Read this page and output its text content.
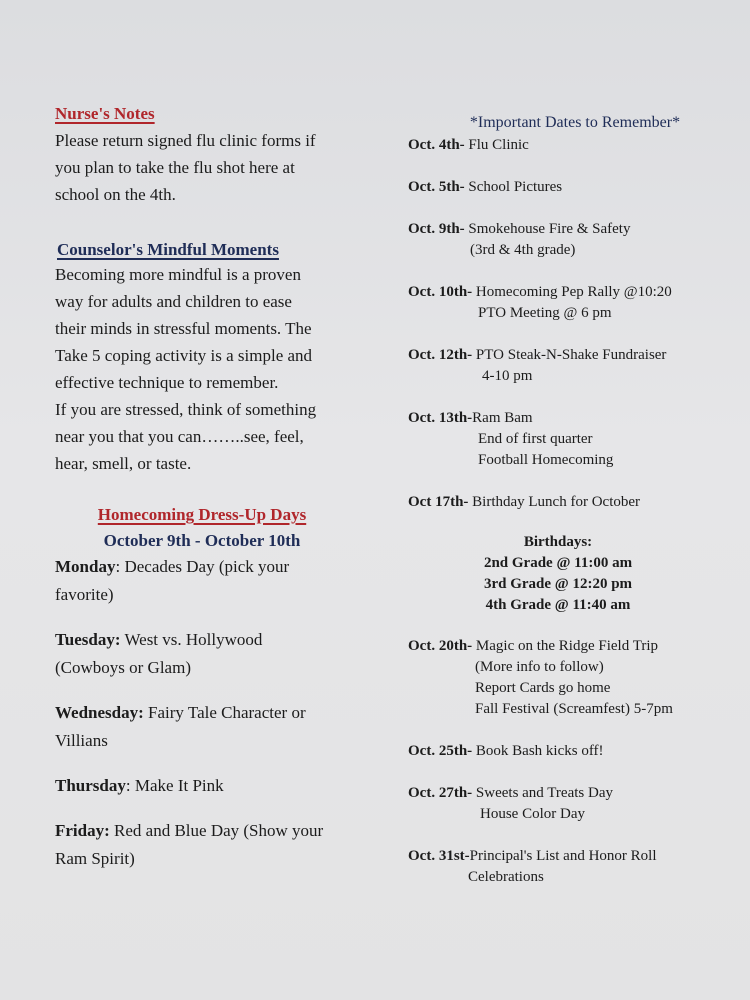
Nurse's Notes

Please return signed flu clinic forms if

you plan to take the flu shot here at

school on the 4th.

Counselor's Mindful Moments

Becoming more mindful is a proven

way for adults and children to ease

their minds in stressful moments. The

Take 5 coping activity is a simple and

effective technique to remember.

If you are stressed, think of something

near you that you can……..see, feel,

hear, smell, or taste.

Homecoming Dress-Up Days
October 9th - October 10th

Monday: Decades Day (pick your

favorite)

Tuesday: West vs. Hollywood

(Cowboys or Glam)

Wednesday: Fairy Tale Character or

Villians

Thursday: Make It Pink

Friday: Red and Blue Day (Show your

Ram Spirit)

*Important Dates to Remember*

Oct. 4th- Flu Clinic

Oct. 5th- School Pictures

Oct. 9th- Smokehouse Fire & Safety
(3rd & 4th grade)

Oct. 10th- Homecoming Pep Rally @10:20
PTO Meeting @ 6 pm

Oct. 12th- PTO Steak-N-Shake Fundraiser
4-10 pm

Oct. 13th-Ram Bam
End of first quarter
Football Homecoming

Oct 17th- Birthday Lunch for October

Birthdays:
2nd Grade @ 11:00 am
3rd Grade @ 12:20 pm
4th Grade @ 11:40 am

Oct. 20th- Magic on the Ridge Field Trip
(More info to follow)
Report Cards go home
Fall Festival (Screamfest) 5-7pm

Oct. 25th- Book Bash kicks off!

Oct. 27th- Sweets and Treats Day
House Color Day

Oct. 31st-Principal's List and Honor Roll
Celebrations
